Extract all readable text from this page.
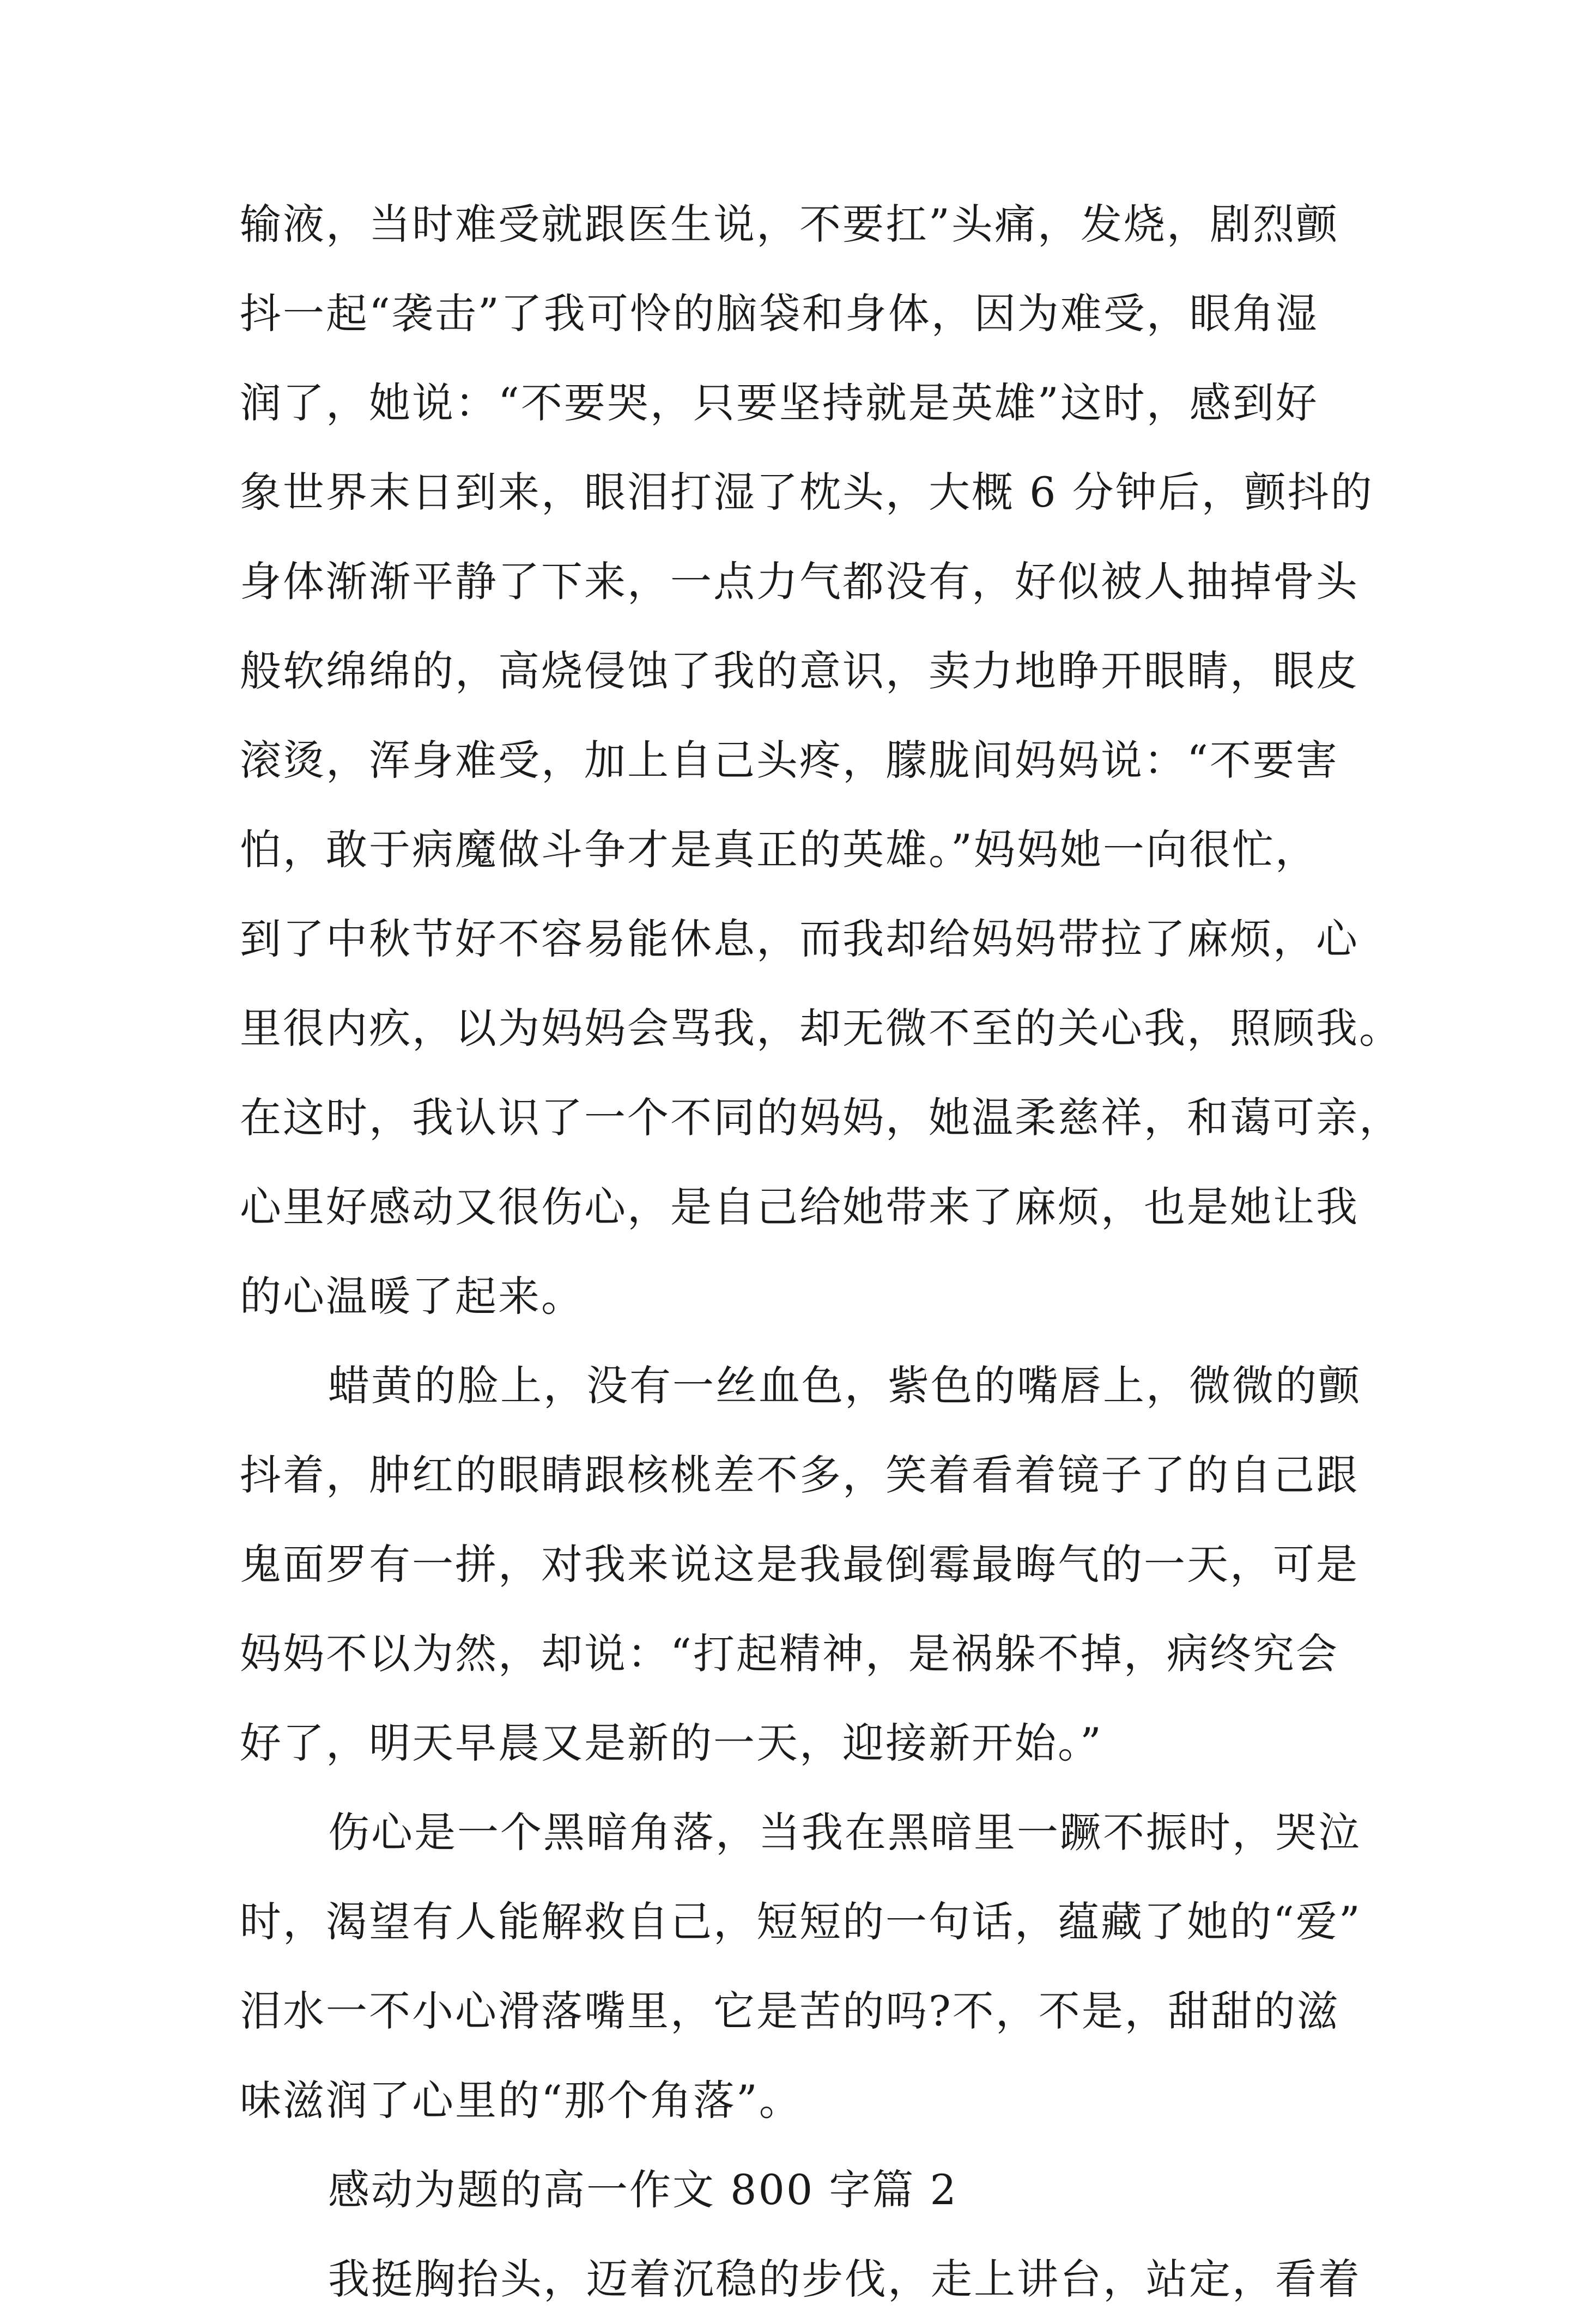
输液，当时难受就跟医生说，不要扛”头痛，发烧，剧烈颤
抖一起“袭击”了我可怜的脑袋和身体，因为难受，眼角湿
润了，她说：“不要哭，只要坚持就是英雄”这时，感到好
象世界末日到来，眼泪打湿了枕头，大概 6 分钟后，颤抖的
身体渐渐平静了下来，一点力气都没有，好似被人抽掉骨头
般软绵绵的，高烧侵蚀了我的意识，卖力地睁开眼睛，眼皮
滚烫，浑身难受，加上自己头疼，朦胧间妈妈说：“不要害
怕，敢于病魔做斗争才是真正的英雄。”妈妈她一向很忙，
到了中秋节好不容易能休息，而我却给妈妈带拉了麻烦，心
里很内疚，以为妈妈会骂我，却无微不至的关心我，照顾我。
在这时，我认识了一个不同的妈妈，她温柔慈祥，和蔼可亲，
心里好感动又很伤心，是自己给她带来了麻烦，也是她让我
的心温暖了起来。
蜡黄的脸上，没有一丝血色，紫色的嘴唇上，微微的颤
抖着，肿红的眼睛跟核桃差不多，笑着看着镜子了的自己跟
鬼面罗有一拼，对我来说这是我最倒霉最晦气的一天，可是
妈妈不以为然，却说：“打起精神，是祸躲不掉，病终究会
好了，明天早晨又是新的一天，迎接新开始。”
伤心是一个黑暗角落，当我在黑暗里一蹶不振时，哭泣
时，渴望有人能解救自己，短短的一句话，蕴藏了她的“爱”
泪水一不小心滑落嘴里，它是苦的吗?不，不是，甜甜的滋
味滋润了心里的“那个角落”。
感动为题的高一作文 800 字篇 2
我挺胸抬头，迈着沉稳的步伐，走上讲台，站定，看着
